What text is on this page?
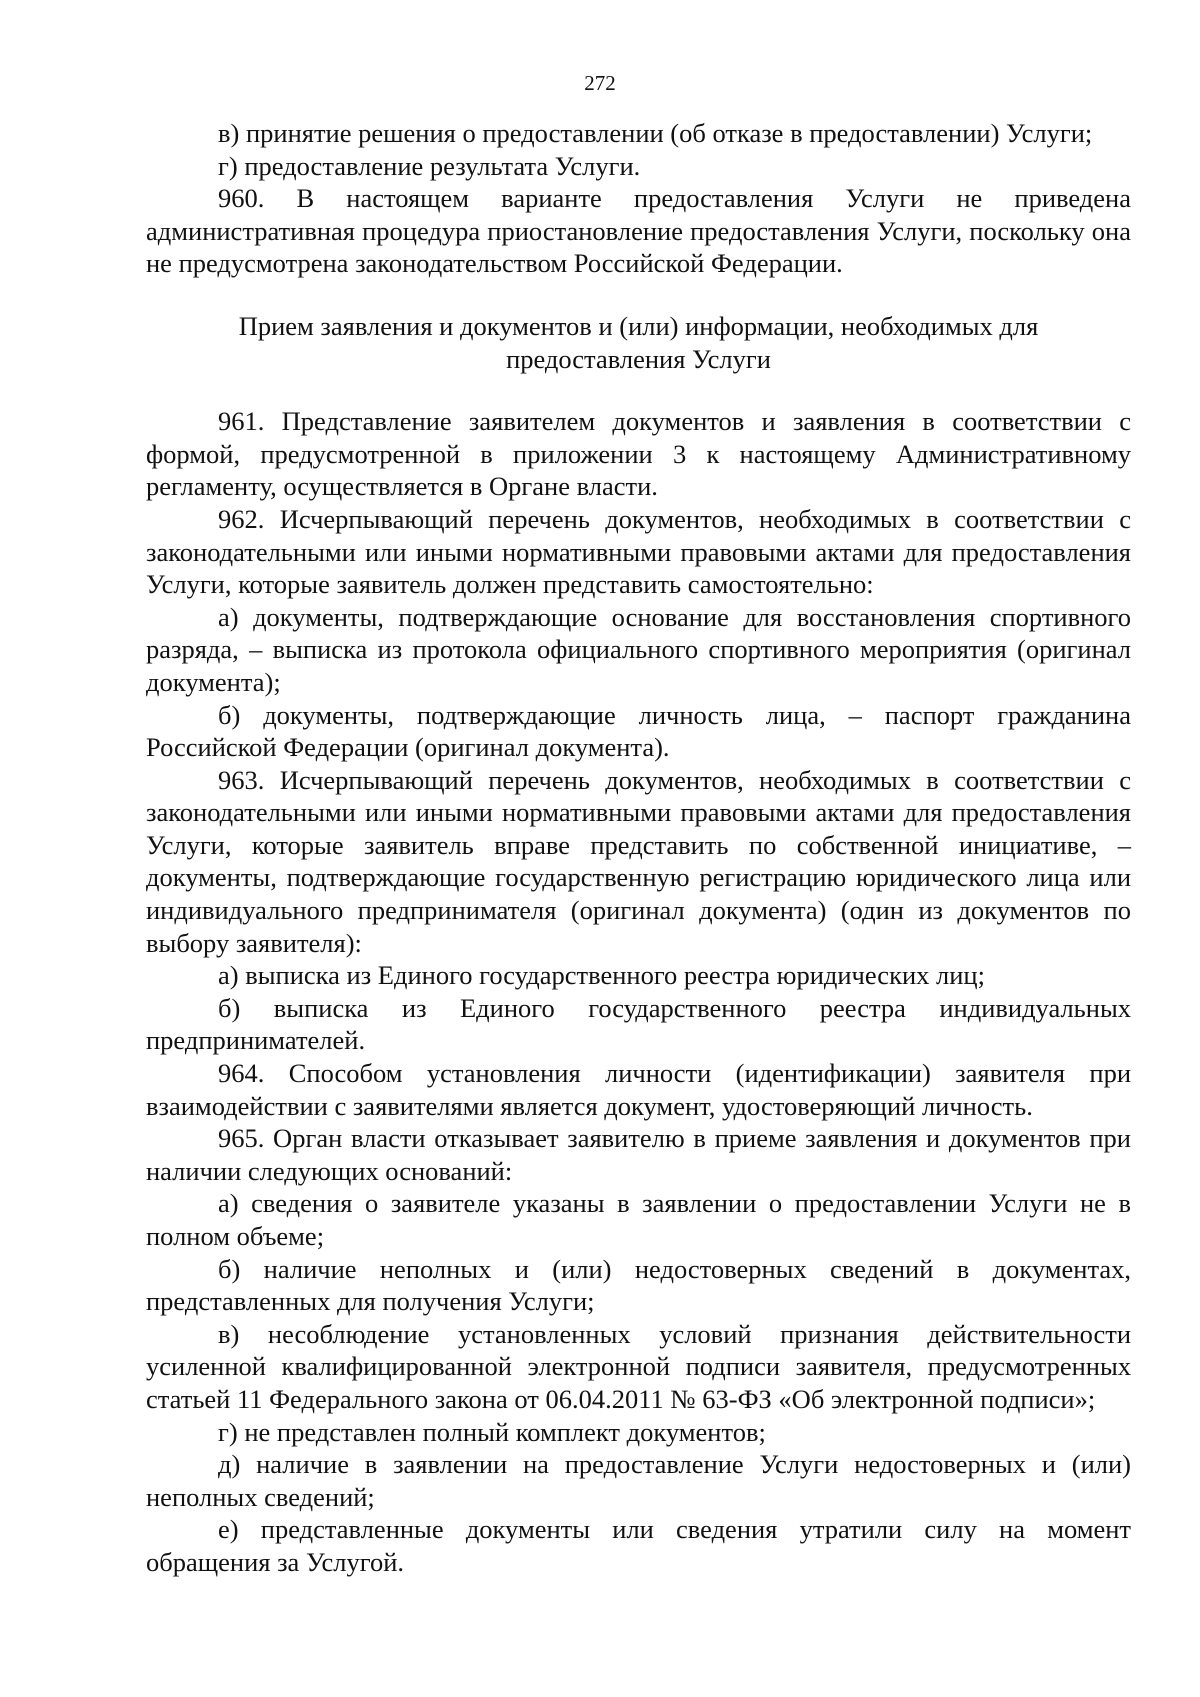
272

в) принятие решения о предоставлении (об отказе в предоставлении) Услуги;

г) предоставление результата Услуги.

960. В настоящем варианте предоставления Услуги не приведена административная процедура приостановление предоставления Услуги, поскольку она не предусмотрена законодательством Российской Федерации.

Прием заявления и документов и (или) информации, необходимых для предоставления Услуги

961. Представление заявителем документов и заявления в соответствии с формой, предусмотренной в приложении 3 к настоящему Административному регламенту, осуществляется в Органе власти.

962. Исчерпывающий перечень документов, необходимых в соответствии с законодательными или иными нормативными правовыми актами для предоставления Услуги, которые заявитель должен представить самостоятельно:

а) документы, подтверждающие основание для восстановления спортивного разряда, – выписка из протокола официального спортивного мероприятия (оригинал документа);

б) документы, подтверждающие личность лица, – паспорт гражданина Российской Федерации (оригинал документа).

963. Исчерпывающий перечень документов, необходимых в соответствии с законодательными или иными нормативными правовыми актами для предоставления Услуги, которые заявитель вправе представить по собственной инициативе, – документы, подтверждающие государственную регистрацию юридического лица или индивидуального предпринимателя (оригинал документа) (один из документов по выбору заявителя):

а) выписка из Единого государственного реестра юридических лиц;

б) выписка из Единого государственного реестра индивидуальных предпринимателей.

964. Способом установления личности (идентификации) заявителя при взаимодействии с заявителями является документ, удостоверяющий личность.

965. Орган власти отказывает заявителю в приеме заявления и документов при наличии следующих оснований:

а) сведения о заявителе указаны в заявлении о предоставлении Услуги не в полном объеме;

б) наличие неполных и (или) недостоверных сведений в документах, представленных для получения Услуги;

в) несоблюдение установленных условий признания действительности усиленной квалифицированной электронной подписи заявителя, предусмотренных статьей 11 Федерального закона от 06.04.2011 № 63-ФЗ «Об электронной подписи»;

г) не представлен полный комплект документов;

д) наличие в заявлении на предоставление Услуги недостоверных и (или) неполных сведений;

е) представленные документы или сведения утратили силу на момент обращения за Услугой.
